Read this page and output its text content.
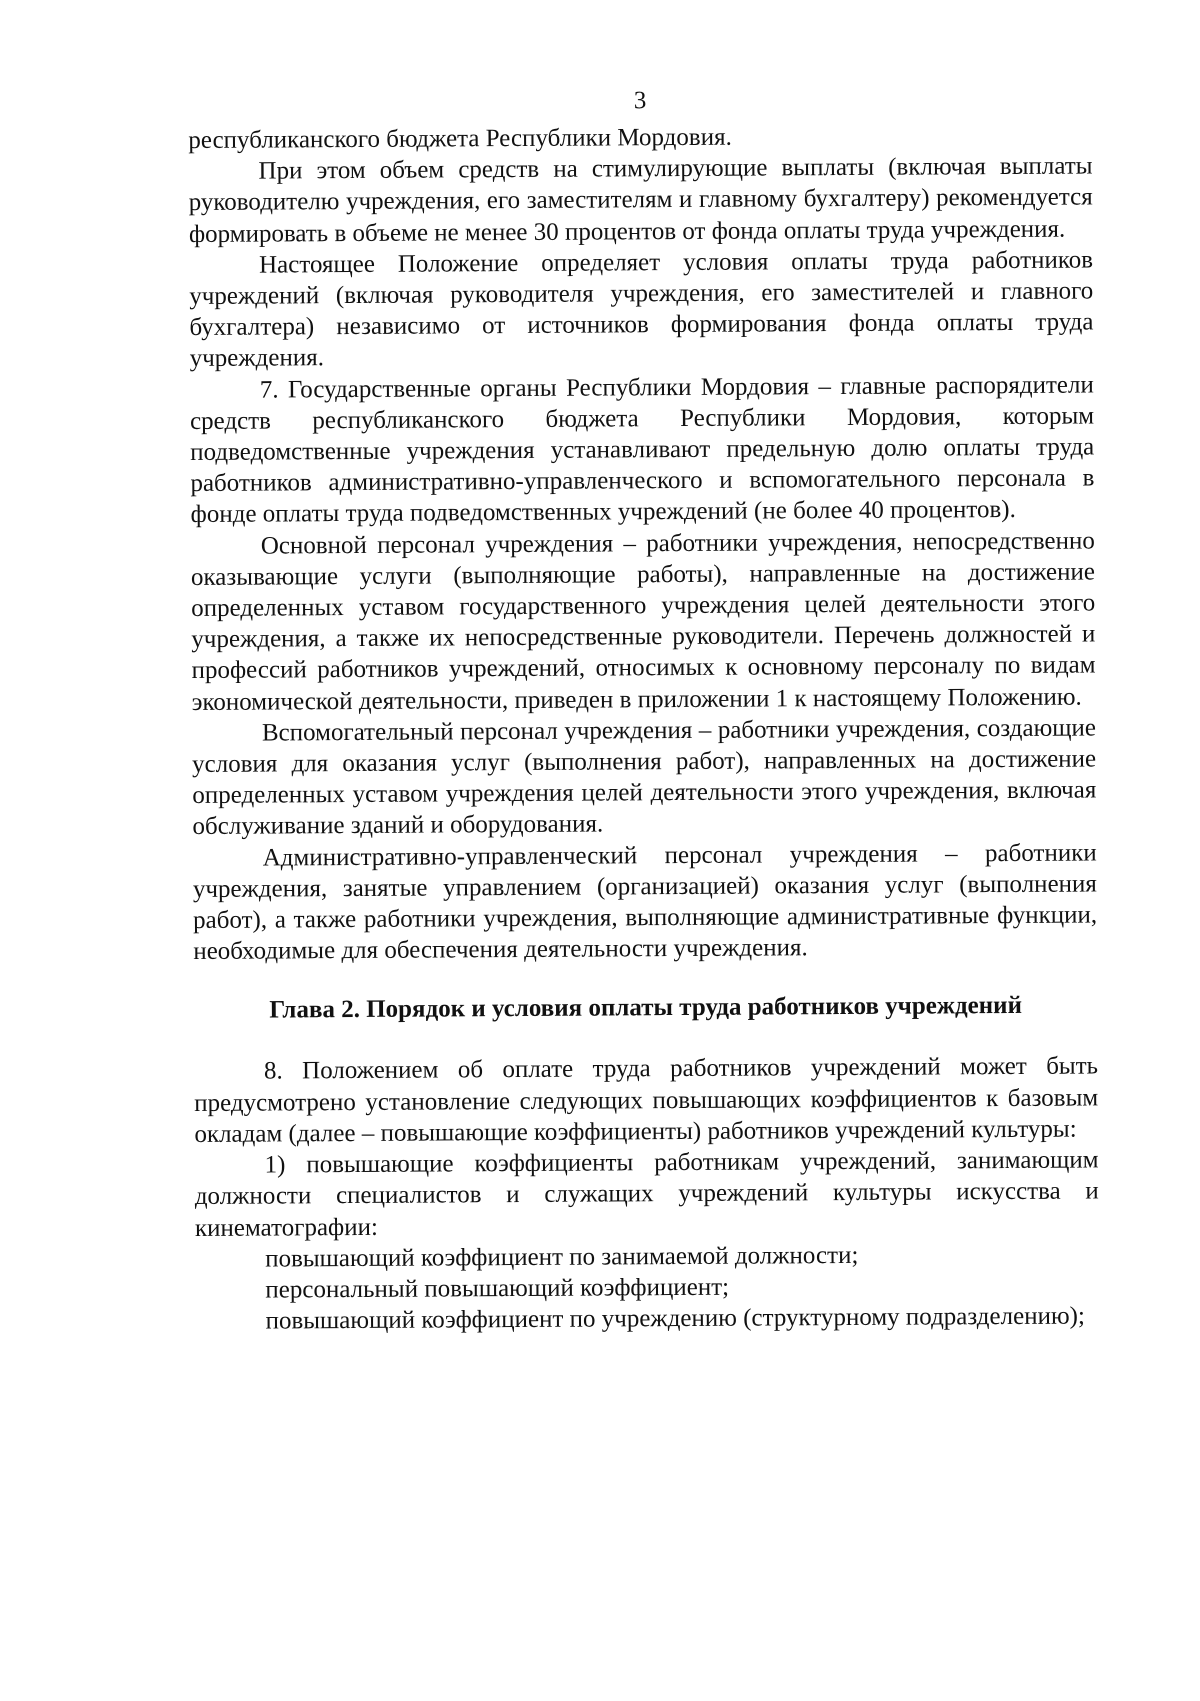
3

республиканского бюджета Республики Мордовия.

При этом объем средств на стимулирующие выплаты (включая выплаты руководителю учреждения, его заместителям и главному бухгалтеру) рекомендуется формировать в объеме не менее 30 процентов от фонда оплаты труда учреждения.

Настоящее Положение определяет условия оплаты труда работников учреждений (включая руководителя учреждения, его заместителей и главного бухгалтера) независимо от источников формирования фонда оплаты труда учреждения.

7. Государственные органы Республики Мордовия – главные распорядители средств республиканского бюджета Республики Мордовия, которым подведомственные учреждения устанавливают предельную долю оплаты труда работников административно-управленческого и вспомогательного персонала в фонде оплаты труда подведомственных учреждений (не более 40 процентов).

Основной персонал учреждения – работники учреждения, непосредственно оказывающие услуги (выполняющие работы), направленные на достижение определенных уставом государственного учреждения целей деятельности этого учреждения, а также их непосредственные руководители. Перечень должностей и профессий работников учреждений, относимых к основному персоналу по видам экономической деятельности, приведен в приложении 1 к настоящему Положению.

Вспомогательный персонал учреждения – работники учреждения, создающие условия для оказания услуг (выполнения работ), направленных на достижение определенных уставом учреждения целей деятельности этого учреждения, включая обслуживание зданий и оборудования.

Административно-управленческий персонал учреждения – работники учреждения, занятые управлением (организацией) оказания услуг (выполнения работ), а также работники учреждения, выполняющие административные функции, необходимые для обеспечения деятельности учреждения.

Глава 2. Порядок и условия оплаты труда работников учреждений

8. Положением об оплате труда работников учреждений может быть предусмотрено установление следующих повышающих коэффициентов к базовым окладам (далее – повышающие коэффициенты) работников учреждений культуры:

1) повышающие коэффициенты работникам учреждений, занимающим должности специалистов и служащих учреждений культуры искусства и кинематографии:

повышающий коэффициент по занимаемой должности;

персональный повышающий коэффициент;

повышающий коэффициент по учреждению (структурному подразделению);
